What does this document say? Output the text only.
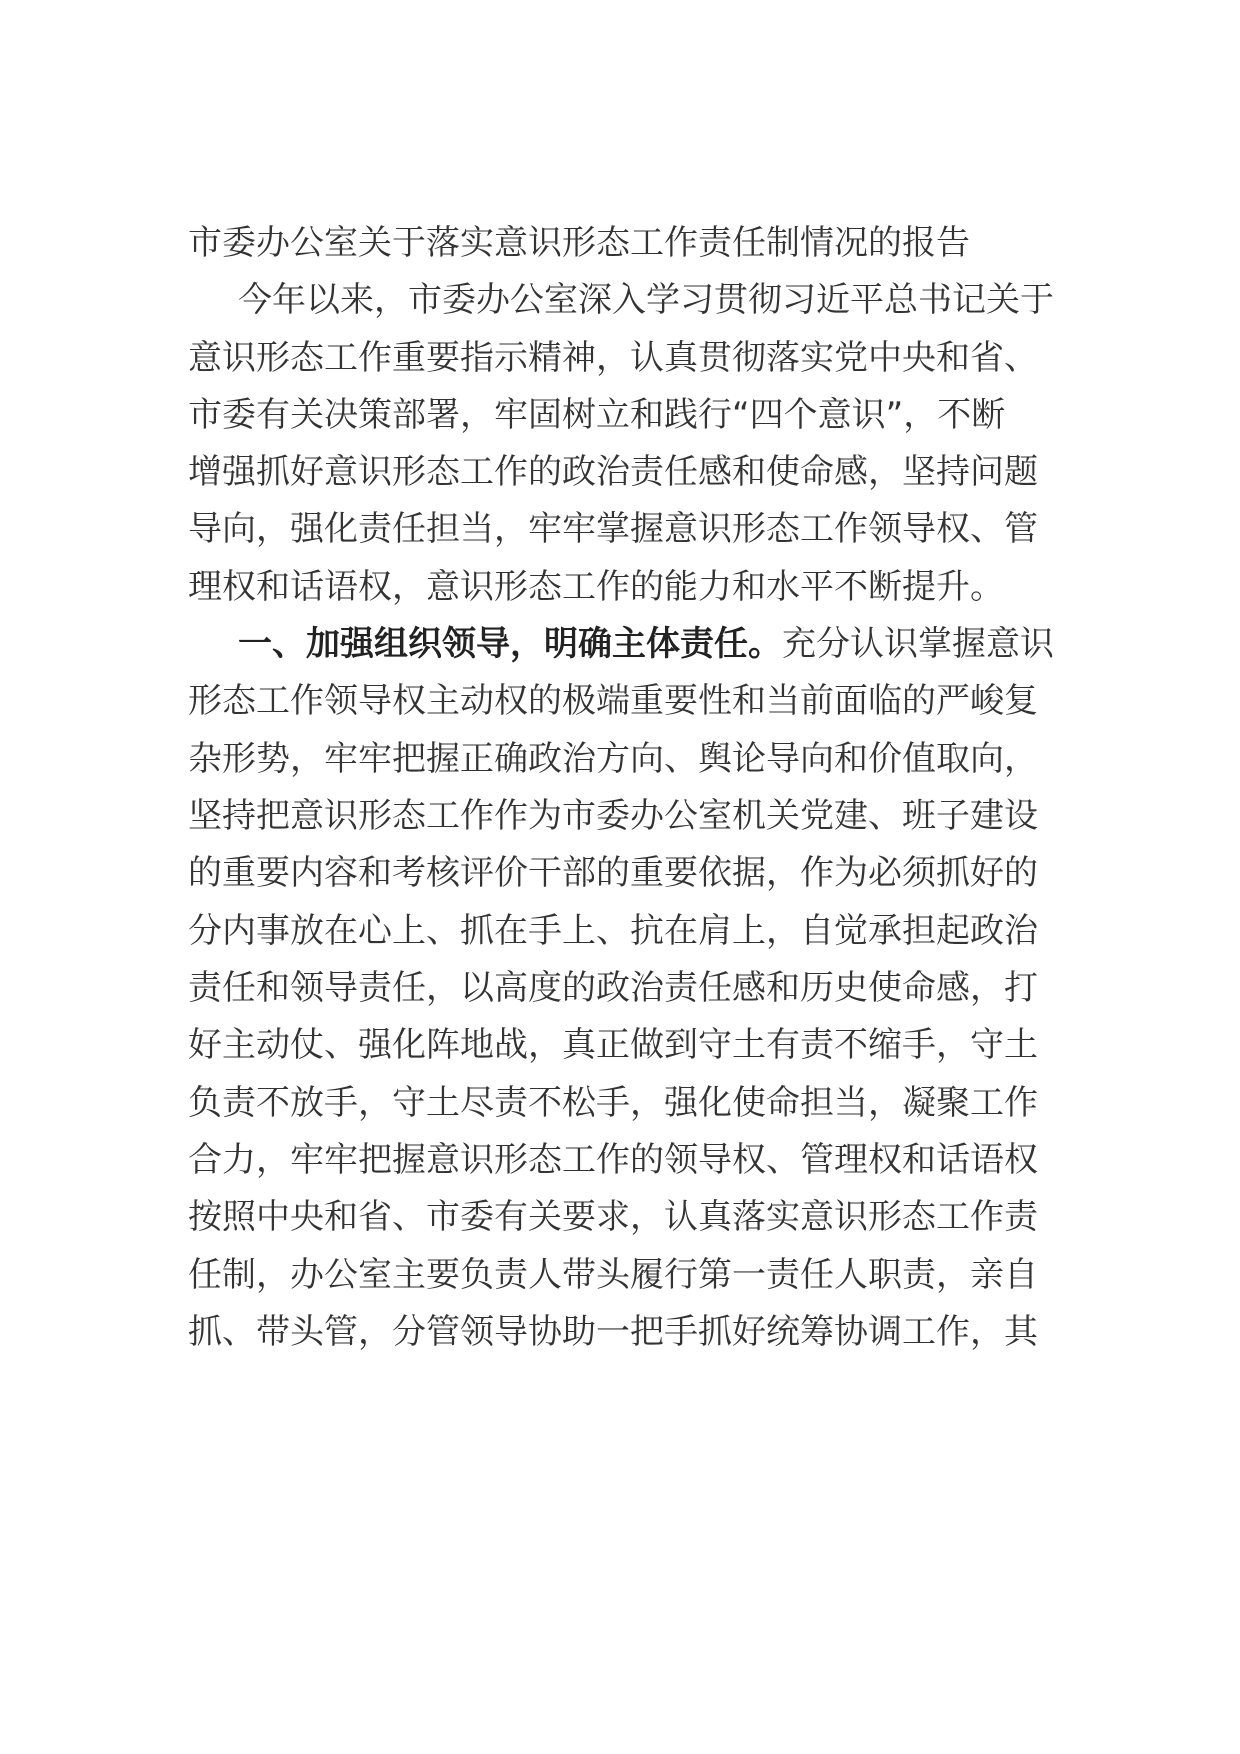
市委办公室关于落实意识形态工作责任制情况的报告

今年以来，市委办公室深入学习贯彻习近平总书记关于

意识形态工作重要指示精神，认真贯彻落实党中央和省、

市委有关决策部署，牢固树立和践行“四个意识”，不断

增强抓好意识形态工作的政治责任感和使命感，坚持问题

导向，强化责任担当，牢牢掌握意识形态工作领导权、管

理权和话语权，意识形态工作的能力和水平不断提升。

一、加强组织领导，明确主体责任。充分认识掌握意识

形态工作领导权主动权的极端重要性和当前面临的严峻复

杂形势，牢牢把握正确政治方向、舆论导向和价值取向，

坚持把意识形态工作作为市委办公室机关党建、班子建设

的重要内容和考核评价干部的重要依据，作为必须抓好的

分内事放在心上、抓在手上、抗在肩上，自觉承担起政治

责任和领导责任，以高度的政治责任感和历史使命感，打

好主动仗、强化阵地战，真正做到守土有责不缩手，守土

负责不放手，守土尽责不松手，强化使命担当，凝聚工作

合力，牢牢把握意识形态工作的领导权、管理权和话语权

按照中央和省、市委有关要求，认真落实意识形态工作责

任制，办公室主要负责人带头履行第一责任人职责，亲自

抓、带头管，分管领导协助一把手抓好统筹协调工作，其
